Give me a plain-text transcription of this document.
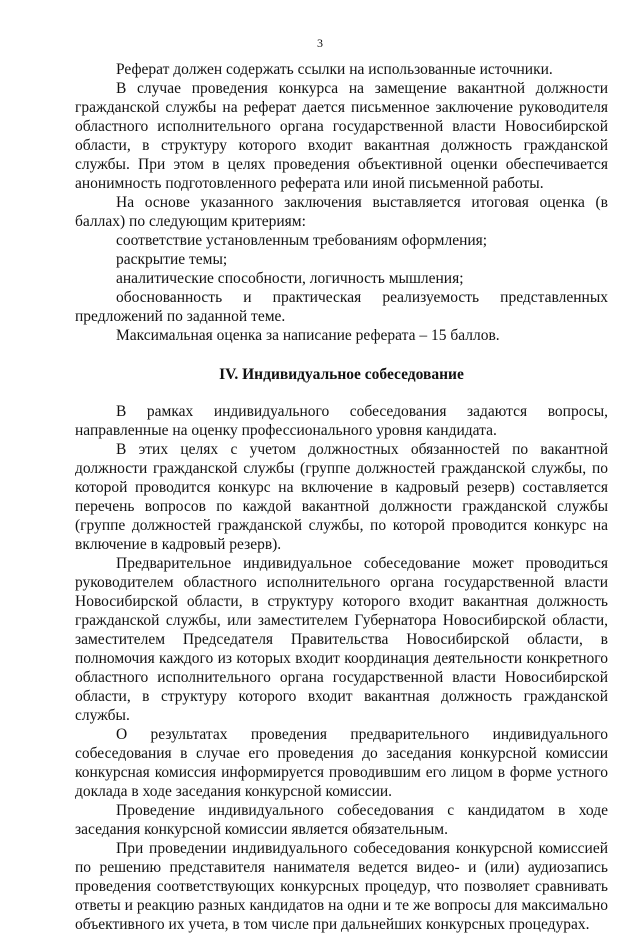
3

Реферат должен содержать ссылки на использованные источники.

В случае проведения конкурса на замещение вакантной должности гражданской службы на реферат дается письменное заключение руководителя областного исполнительного органа государственной власти Новосибирской области, в структуру которого входит вакантная должность гражданской службы. При этом в целях проведения объективной оценки обеспечивается анонимность подготовленного реферата или иной письменной работы.

На основе указанного заключения выставляется итоговая оценка (в баллах) по следующим критериям:

соответствие установленным требованиям оформления;

раскрытие темы;

аналитические способности, логичность мышления;

обоснованность и практическая реализуемость представленных предложений по заданной теме.

Максимальная оценка за написание реферата – 15 баллов.

IV. Индивидуальное собеседование

В рамках индивидуального собеседования задаются вопросы, направленные на оценку профессионального уровня кандидата.

В этих целях с учетом должностных обязанностей по вакантной должности гражданской службы (группе должностей гражданской службы, по которой проводится конкурс на включение в кадровый резерв) составляется перечень вопросов по каждой вакантной должности гражданской службы (группе должностей гражданской службы, по которой проводится конкурс на включение в кадровый резерв).

Предварительное индивидуальное собеседование может проводиться руководителем областного исполнительного органа государственной власти Новосибирской области, в структуру которого входит вакантная должность гражданской службы, или заместителем Губернатора Новосибирской области, заместителем Председателя Правительства Новосибирской области, в полномочия каждого из которых входит координация деятельности конкретного областного исполнительного органа государственной власти Новосибирской области, в структуру которого входит вакантная должность гражданской службы.

О результатах проведения предварительного индивидуального собеседования в случае его проведения до заседания конкурсной комиссии конкурсная комиссия информируется проводившим его лицом в форме устного доклада в ходе заседания конкурсной комиссии.

Проведение индивидуального собеседования с кандидатом в ходе заседания конкурсной комиссии является обязательным.

При проведении индивидуального собеседования конкурсной комиссией по решению представителя нанимателя ведется видео- и (или) аудиозапись проведения соответствующих конкурсных процедур, что позволяет сравнивать ответы и реакцию разных кандидатов на одни и те же вопросы для максимально объективного их учета, в том числе при дальнейших конкурсных процедурах.
